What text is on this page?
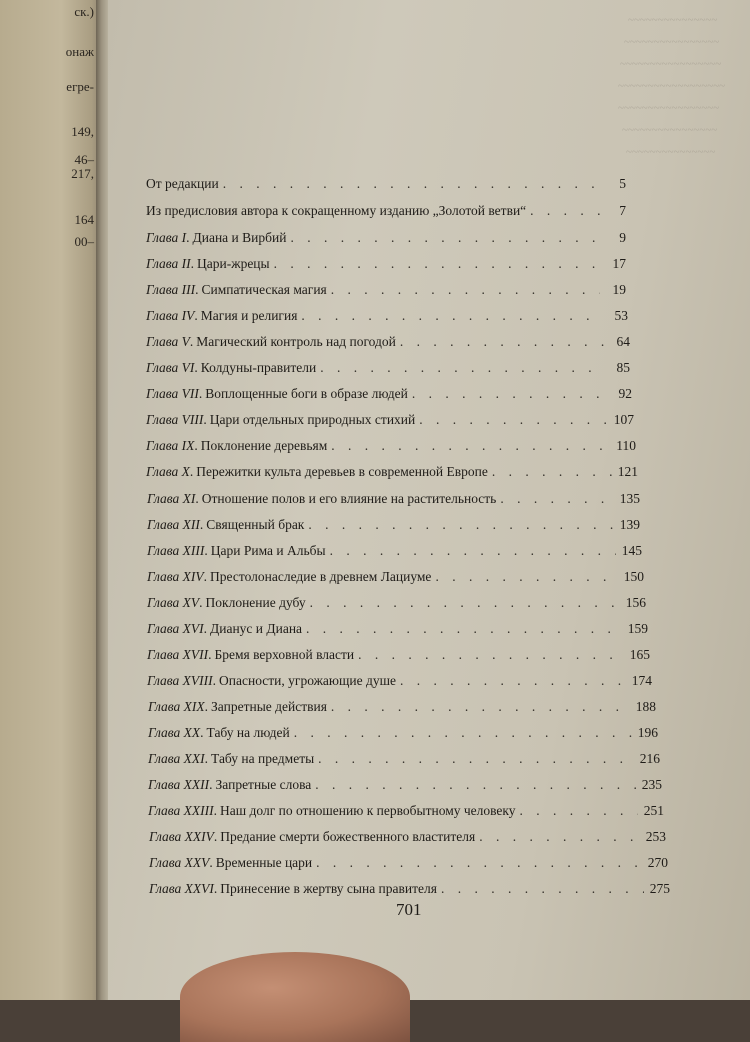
ск.)
онаж
егре-
149,
46–
217,
164
00–
~~~~~~~~~~~~~~~
~~~~~~~~~~~~~~~~
~~~~~~~~~~~~~~~~~
~~~~~~~~~~~~~~~~~~
~~~~~~~~~~~~~~~~~
~~~~~~~~~~~~~~~~
~~~~~~~~~~~~~~~
От редакции . . .	5
Из предисловия автора к сокращенному изданию „Золотой ветви“ . . .	7
Глава I . Диана и Вирбий . . .	9
Глава II . Цари-жрецы . . .	17
Глава III . Симпатическая магия . . .	19
Глава IV . Магия и религия . . .	53
Глава V . Магический контроль над погодой . . .	64
Глава VI . Колдуны-правители . . .	85
Глава VII . Воплощенные боги в образе людей . . .	92
Глава VIII . Цари отдельных природных стихий . . .	107
Глава IX . Поклонение деревьям . . .	110
Глава X . Пережитки культа деревьев в современной Европе . . .	121
Глава XI . Отношение полов и его влияние на растительность . . .	135
Глава XII . Священный брак . . .	139
Глава XIII . Цари Рима и Альбы . . .	145
Глава XIV . Престолонаследие в древнем Лациуме . . .	150
Глава XV . Поклонение дубу . . .	156
Глава XVI . Дианус и Диана . . .	159
Глава XVII . Бремя верховной власти . . .	165
Глава XVIII . Опасности, угрожающие душе . . .	174
Глава XIX . Запретные действия . . .	188
Глава XX . Табу на людей . . .	196
Глава XXI . Табу на предметы . . .	216
Глава XXII . Запретные слова . . .	235
Глава XXIII . Наш долг по отношению к первобытному человеку . . .	251
Глава XXIV . Предание смерти божественного властителя . . .	253
Глава XXV . Временные цари . . .	270
Глава XXVI . Принесение в жертву сына правителя . . .	275
701
